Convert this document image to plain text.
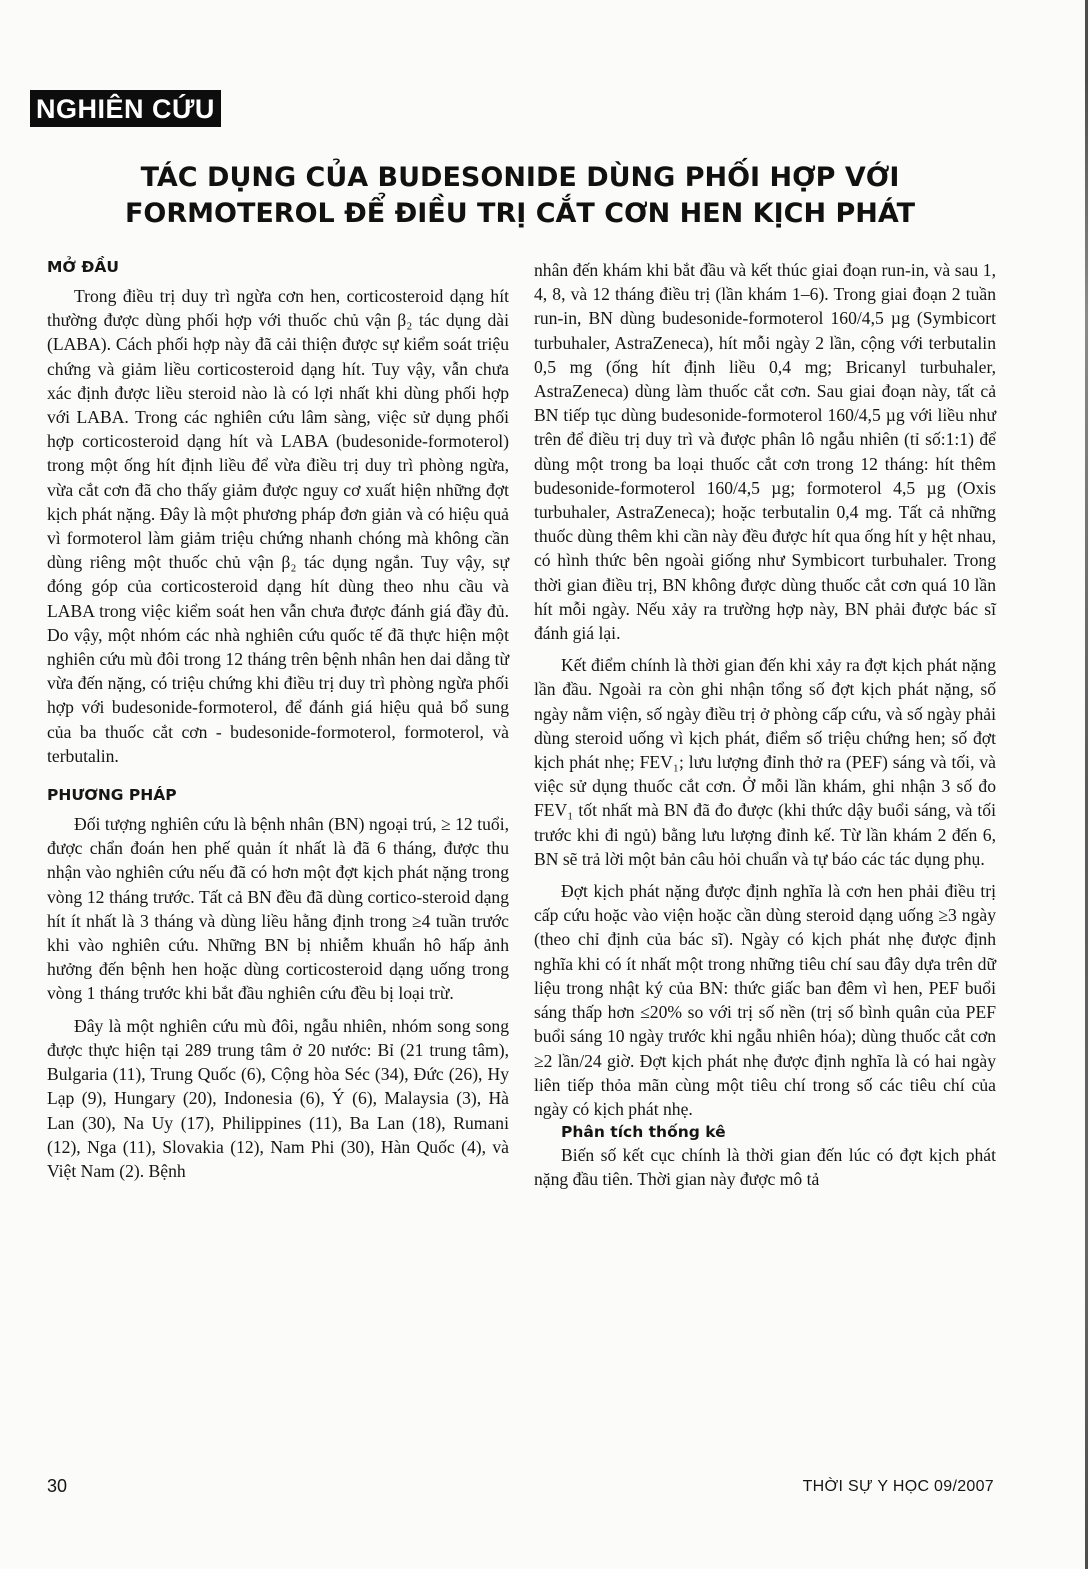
NGHIÊN CỨU
TÁC DỤNG CỦA BUDESONIDE DÙNG PHỐI HỢP VỚI
FORMOTEROL ĐỂ ĐIỀU TRỊ CẮT CƠN HEN KỊCH PHÁT
MỞ ĐẦU

Trong điều trị duy trì ngừa cơn hen, corticosteroid dạng hít thường được dùng phối hợp với thuốc chủ vận β₂ tác dụng dài (LABA). Cách phối hợp này đã cải thiện được sự kiểm soát triệu chứng và giảm liều corticosteroid dạng hít. Tuy vậy, vẫn chưa xác định được liều steroid nào là có lợi nhất khi dùng phối hợp với LABA. Trong các nghiên cứu lâm sàng, việc sử dụng phối hợp corticosteroid dạng hít và LABA (budesonide-formoterol) trong một ống hít định liều để vừa điều trị duy trì phòng ngừa, vừa cắt cơn đã cho thấy giảm được nguy cơ xuất hiện những đợt kịch phát nặng. Đây là một phương pháp đơn giản và có hiệu quả vì formoterol làm giảm triệu chứng nhanh chóng mà không cần dùng riêng một thuốc chủ vận β₂ tác dụng ngắn. Tuy vậy, sự đóng góp của corticosteroid dạng hít dùng theo nhu cầu và LABA trong việc kiểm soát hen vẫn chưa được đánh giá đầy đủ. Do vậy, một nhóm các nhà nghiên cứu quốc tế đã thực hiện một nghiên cứu mù đôi trong 12 tháng trên bệnh nhân hen dai dẳng từ vừa đến nặng, có triệu chứng khi điều trị duy trì phòng ngừa phối hợp với budesonide-formoterol, để đánh giá hiệu quả bổ sung của ba thuốc cắt cơn - budesonide-formoterol, formoterol, và terbutalin.

PHƯƠNG PHÁP

Đối tượng nghiên cứu là bệnh nhân (BN) ngoại trú, ≥ 12 tuổi, được chẩn đoán hen phế quản ít nhất là đã 6 tháng, được thu nhận vào nghiên cứu nếu đã có hơn một đợt kịch phát nặng trong vòng 12 tháng trước. Tất cả BN đều đã dùng cortico-steroid dạng hít ít nhất là 3 tháng và dùng liều hằng định trong ≥4 tuần trước khi vào nghiên cứu. Những BN bị nhiễm khuẩn hô hấp ảnh hưởng đến bệnh hen hoặc dùng corticosteroid dạng uống trong vòng 1 tháng trước khi bắt đầu nghiên cứu đều bị loại trừ.

Đây là một nghiên cứu mù đôi, ngẫu nhiên, nhóm song song được thực hiện tại 289 trung tâm ở 20 nước: Bỉ (21 trung tâm), Bulgaria (11), Trung Quốc (6), Cộng hòa Séc (34), Đức (26), Hy Lạp (9), Hungary (20), Indonesia (6), Ý (6), Malaysia (3), Hà Lan (30), Na Uy (17), Philippines (11), Ba Lan (18), Rumani (12), Nga (11), Slovakia (12), Nam Phi (30), Hàn Quốc (4), và Việt Nam (2). Bệnh

nhân đến khám khi bắt đầu và kết thúc giai đoạn run-in, và sau 1, 4, 8, và 12 tháng điều trị (lần khám 1–6). Trong giai đoạn 2 tuần run-in, BN dùng budesonide-formoterol 160/4,5 µg (Symbicort turbuhaler, AstraZeneca), hít mỗi ngày 2 lần, cộng với terbutalin 0,5 mg (ống hít định liều 0,4 mg; Bricanyl turbuhaler, AstraZeneca) dùng làm thuốc cắt cơn. Sau giai đoạn này, tất cả BN tiếp tục dùng budesonide-formoterol 160/4,5 µg với liều như trên để điều trị duy trì và được phân lô ngẫu nhiên (tỉ số:1:1) để dùng một trong ba loại thuốc cắt cơn trong 12 tháng: hít thêm budesonide-formoterol 160/4,5 µg; formoterol 4,5 µg (Oxis turbuhaler, AstraZeneca); hoặc terbutalin 0,4 mg. Tất cả những thuốc dùng thêm khi cần này đều được hít qua ống hít y hệt nhau, có hình thức bên ngoài giống như Symbicort turbuhaler. Trong thời gian điều trị, BN không được dùng thuốc cắt cơn quá 10 lần hít mỗi ngày. Nếu xảy ra trường hợp này, BN phải được bác sĩ đánh giá lại.

Kết điểm chính là thời gian đến khi xảy ra đợt kịch phát nặng lần đầu. Ngoài ra còn ghi nhận tổng số đợt kịch phát nặng, số ngày nằm viện, số ngày điều trị ở phòng cấp cứu, và số ngày phải dùng steroid uống vì kịch phát, điểm số triệu chứng hen; số đợt kịch phát nhẹ; FEV₁; lưu lượng đỉnh thở ra (PEF) sáng và tối, và việc sử dụng thuốc cắt cơn. Ở mỗi lần khám, ghi nhận 3 số đo FEV₁ tốt nhất mà BN đã đo được (khi thức dậy buổi sáng, và tối trước khi đi ngủ) bằng lưu lượng đỉnh kế. Từ lần khám 2 đến 6, BN sẽ trả lời một bản câu hỏi chuẩn và tự báo các tác dụng phụ.

Đợt kịch phát nặng được định nghĩa là cơn hen phải điều trị cấp cứu hoặc vào viện hoặc cần dùng steroid dạng uống ≥3 ngày (theo chỉ định của bác sĩ). Ngày có kịch phát nhẹ được định nghĩa khi có ít nhất một trong những tiêu chí sau đây dựa trên dữ liệu trong nhật ký của BN: thức giấc ban đêm vì hen, PEF buổi sáng thấp hơn ≤20% so với trị số nền (trị số bình quân của PEF buổi sáng 10 ngày trước khi ngẫu nhiên hóa); dùng thuốc cắt cơn ≥2 lần/24 giờ. Đợt kịch phát nhẹ được định nghĩa là có hai ngày liên tiếp thỏa mãn cùng một tiêu chí trong số các tiêu chí của ngày có kịch phát nhẹ.

Phân tích thống kê

Biến số kết cục chính là thời gian đến lúc có đợt kịch phát nặng đầu tiên. Thời gian này được mô tả

30	THỜI SỰ Y HỌC 09/2007
